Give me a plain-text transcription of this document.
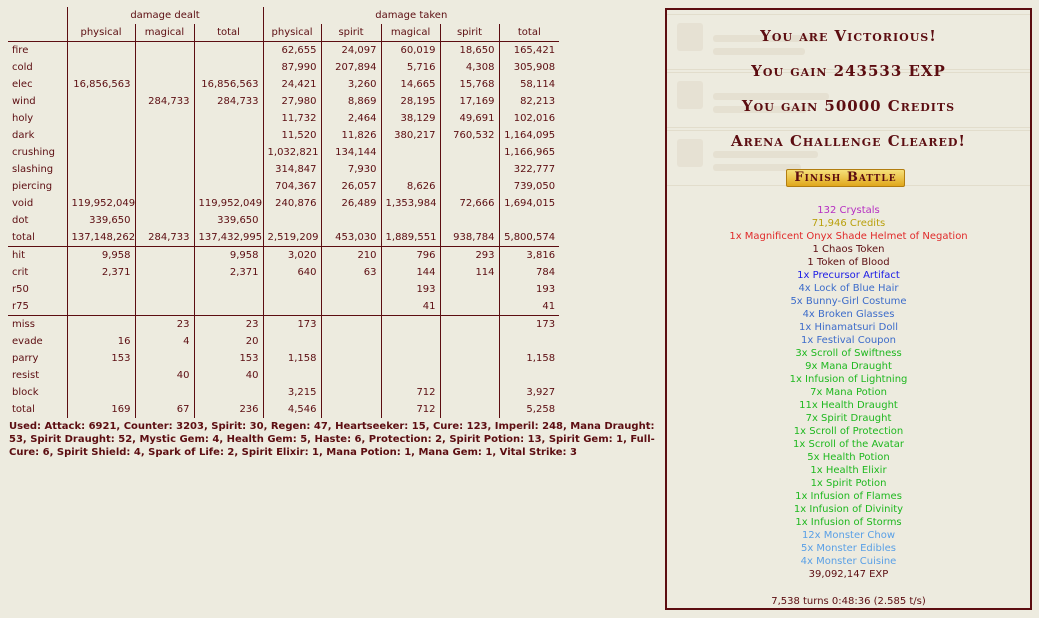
	damage dealt			damage taken				
	physical	magical	total	physical	spirit	magical	spirit	total
fire				62,655	24,097	60,019	18,650	165,421
cold				87,990	207,894	5,716	4,308	305,908
elec	16,856,563		16,856,563	24,421	3,260	14,665	15,768	58,114
wind		284,733	284,733	27,980	8,869	28,195	17,169	82,213
holy				11,732	2,464	38,129	49,691	102,016
dark				11,520	11,826	380,217	760,532	1,164,095
crushing				1,032,821	134,144			1,166,965
slashing				314,847	7,930			322,777
piercing				704,367	26,057	8,626		739,050
void	119,952,049		119,952,049	240,876	26,489	1,353,984	72,666	1,694,015
dot	339,650		339,650					
total	137,148,262	284,733	137,432,995	2,519,209	453,030	1,889,551	938,784	5,800,574
hit	9,958		9,958	3,020	210	796	293	3,816
crit	2,371		2,371	640	63	144	114	784
r50						193		193
r75						41		41
miss		23	23	173				173
evade	16	4	20					
parry	153		153	1,158				1,158
resist		40	40					
block				3,215		712		3,927
total	169	67	236	4,546		712		5,258
Used: Attack: 6921, Counter: 3203, Spirit: 30, Regen: 47, Heartseeker: 15, Cure: 123, Imperil: 248, Mana Draught: 53, Spirit Draught: 52, Mystic Gem: 4, Health Gem: 5, Haste: 6, Protection: 2, Spirit Potion: 13, Spirit Gem: 1, Full-Cure: 6, Spirit Shield: 4, Spark of Life: 2, Spirit Elixir: 1, Mana Potion: 1, Mana Gem: 1, Vital Strike: 3
You are Victorious!
You gain 243533 EXP
You gain 50000 Credits
Arena Challenge Cleared!
Finish Battle
132 Crystals
71,946 Credits
1x Magnificent Onyx Shade Helmet of Negation
1 Chaos Token
1 Token of Blood
1x Precursor Artifact
4x Lock of Blue Hair
5x Bunny-Girl Costume
4x Broken Glasses
1x Hinamatsuri Doll
1x Festival Coupon
3x Scroll of Swiftness
9x Mana Draught
1x Infusion of Lightning
7x Mana Potion
11x Health Draught
7x Spirit Draught
1x Scroll of Protection
1x Scroll of the Avatar
5x Health Potion
1x Health Elixir
1x Spirit Potion
1x Infusion of Flames
1x Infusion of Divinity
1x Infusion of Storms
12x Monster Chow
5x Monster Edibles
4x Monster Cuisine
39,092,147 EXP
7,538 turns 0:48:36 (2.585 t/s)
